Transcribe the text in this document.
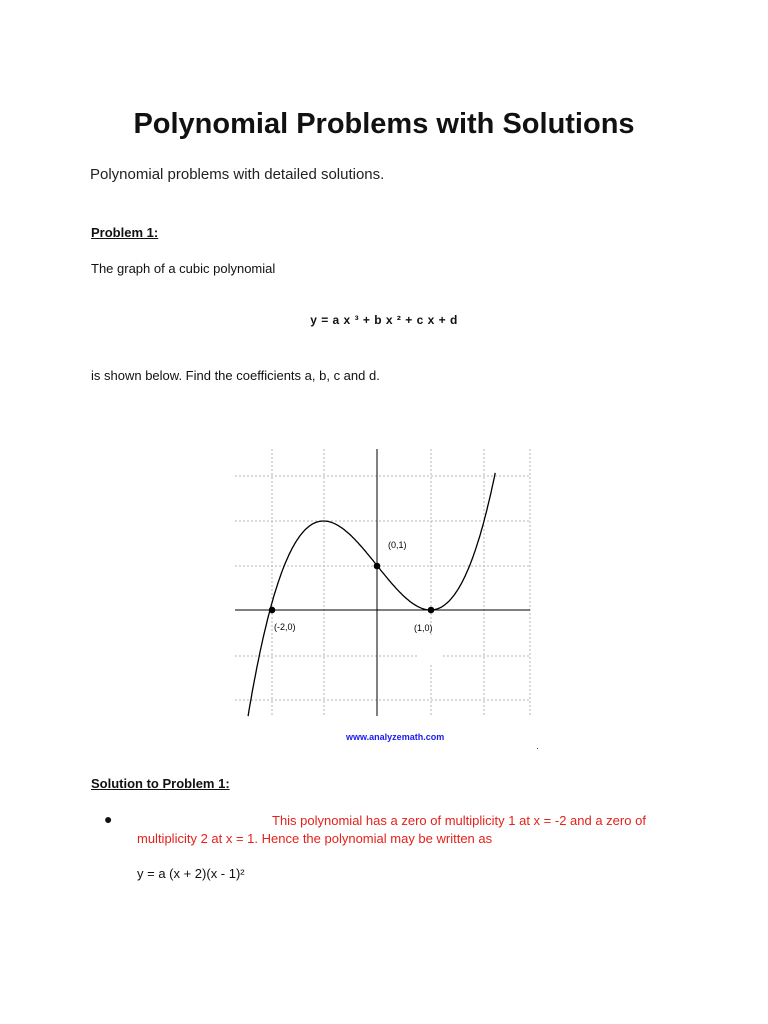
Polynomial Problems with Solutions
Polynomial problems with detailed solutions.
Problem 1:
The graph of a cubic polynomial
y = a x ³ + b x ² + c x + d
is shown below. Find the coefficients a, b, c and d.
(-2,0)
(0,1)
(1,0)
www.analyzemath.com
Solution to Problem 1:
●	This polynomial has a zero of multiplicity 1 at x = -2 and a zero of multiplicity 2 at x = 1. Hence the polynomial may be written as
y = a (x + 2)(x - 1)²
